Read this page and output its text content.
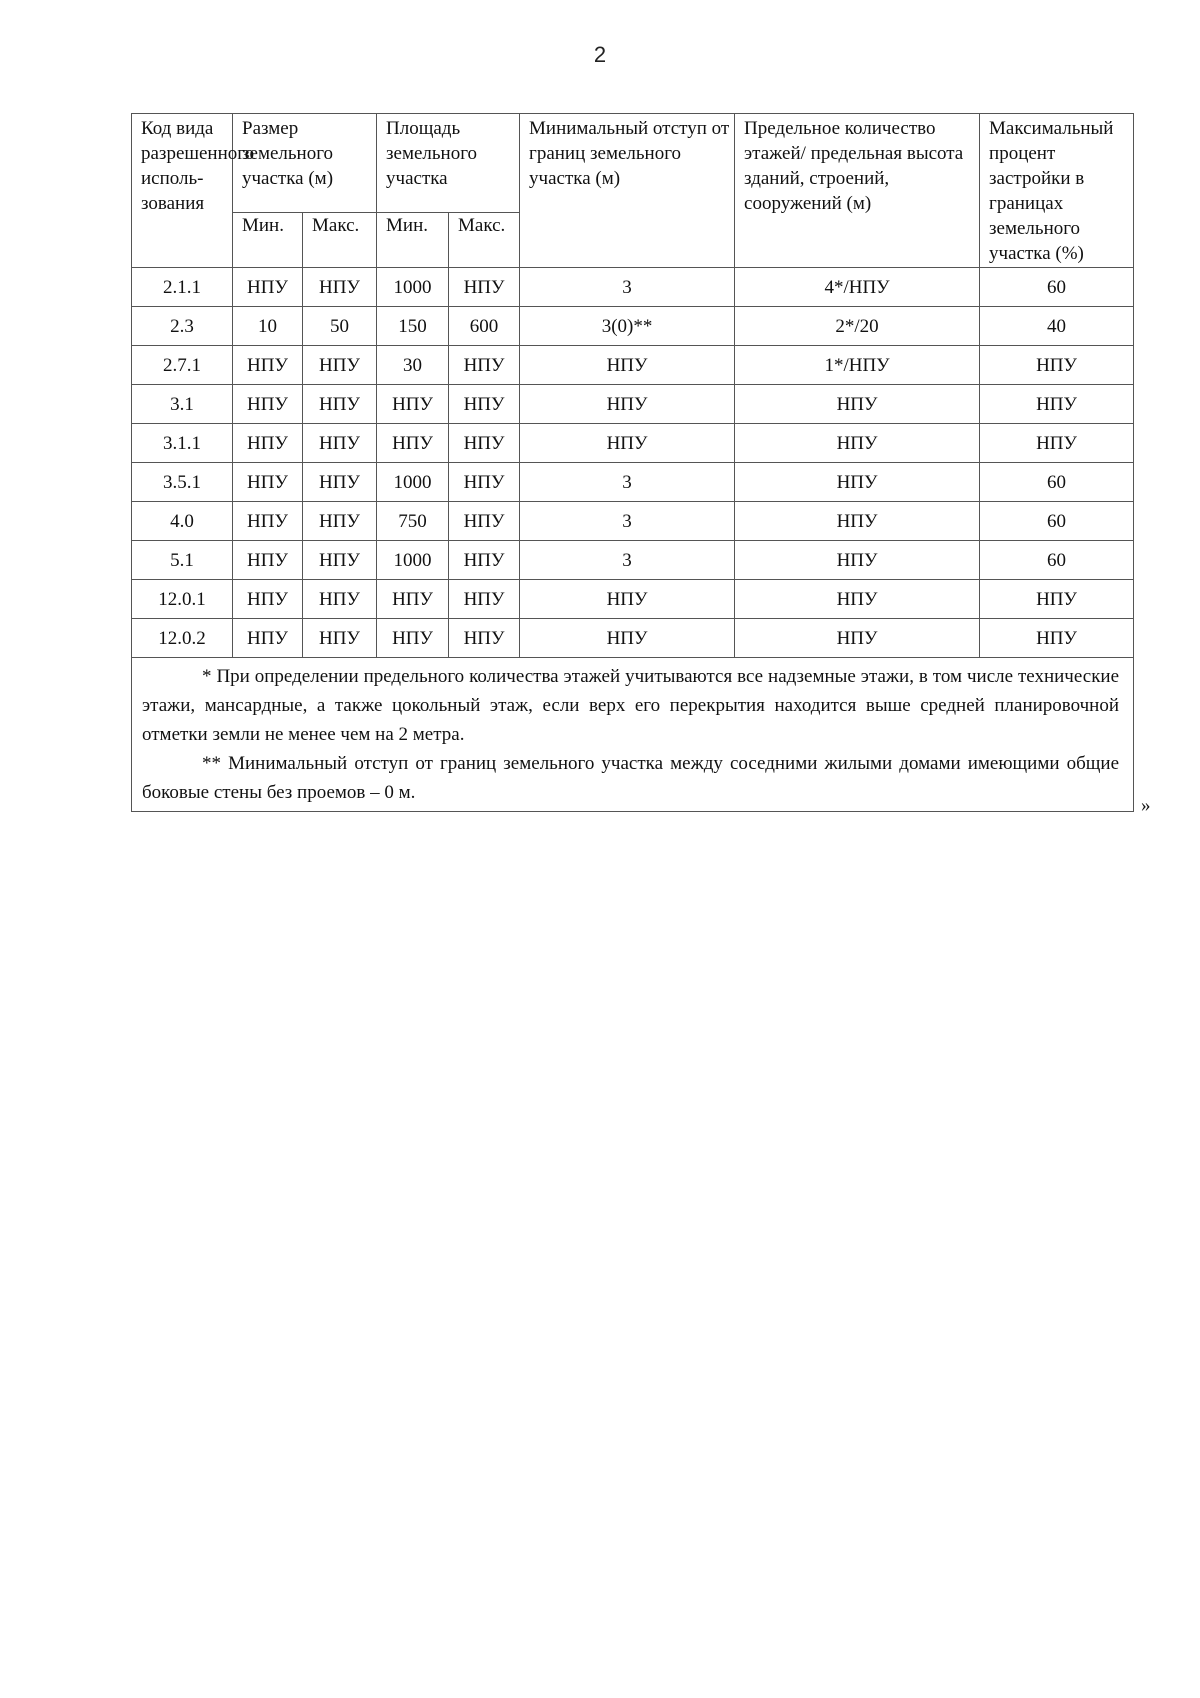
2
Код вида разрешенного исполь-зования	Размер земельного участка (м)		Площадь земельного участка		Минимальный отступ от границ земельного участка (м)	Предельное количество этажей/ предельная высота зданий, строений, сооружений (м)	Максимальный процент застройки в границах земельного участка (%)
	Мин.	Макс.	Мин.	Макс.			
2.1.1	НПУ	НПУ	1000	НПУ	3	4*/НПУ	60
2.3	10	50	150	600	3(0)**	2*/20	40
2.7.1	НПУ	НПУ	30	НПУ	НПУ	1*/НПУ	НПУ
3.1	НПУ	НПУ	НПУ	НПУ	НПУ	НПУ	НПУ
3.1.1	НПУ	НПУ	НПУ	НПУ	НПУ	НПУ	НПУ
3.5.1	НПУ	НПУ	1000	НПУ	3	НПУ	60
4.0	НПУ	НПУ	750	НПУ	3	НПУ	60
5.1	НПУ	НПУ	1000	НПУ	3	НПУ	60
12.0.1	НПУ	НПУ	НПУ	НПУ	НПУ	НПУ	НПУ
12.0.2	НПУ	НПУ	НПУ	НПУ	НПУ	НПУ	НПУ

* При определении предельного количества этажей учитываются все надземные этажи, в том числе технические этажи, мансардные, а также цокольный этаж, если верх его перекрытия находится выше средней планировочной отметки земли не менее чем на 2 метра.

** Минимальный отступ от границ земельного участка между соседними жилыми домами имеющими общие боковые стены без проемов – 0 м.							

»
